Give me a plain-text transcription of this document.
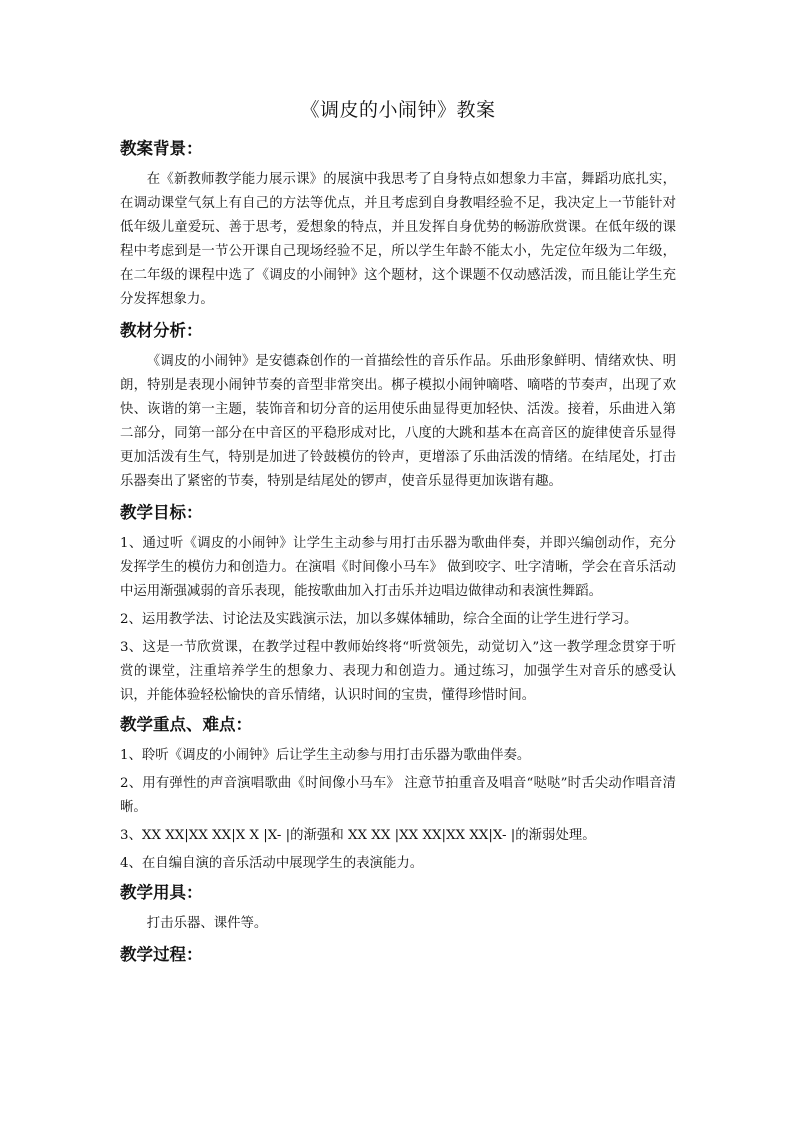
《调皮的小闹钟》教案
教案背景：

在《新教师教学能力展示课》的展演中我思考了自身特点如想象力丰富，舞蹈功底扎实，在调动课堂气氛上有自己的方法等优点，并且考虑到自身教唱经验不足，我决定上一节能针对低年级儿童爱玩、善于思考，爱想象的特点，并且发挥自身优势的畅游欣赏课。在低年级的课程中考虑到是一节公开课自己现场经验不足，所以学生年龄不能太小，先定位年级为二年级，在二年级的课程中选了《调皮的小闹钟》这个题材，这个课题不仅动感活泼，而且能让学生充分发挥想象力。

教材分析：

《调皮的小闹钟》是安德森创作的一首描绘性的音乐作品。乐曲形象鲜明、情绪欢快、明朗，特别是表现小闹钟节奏的音型非常突出。梆子模拟小闹钟嘀嗒、嘀嗒的节奏声，出现了欢快、诙谐的第一主题，装饰音和切分音的运用使乐曲显得更加轻快、活泼。接着，乐曲进入第二部分，同第一部分在中音区的平稳形成对比，八度的大跳和基本在高音区的旋律使音乐显得更加活泼有生气，特别是加进了铃鼓模仿的铃声，更增添了乐曲活泼的情绪。在结尾处，打击乐器奏出了紧密的节奏，特别是结尾处的锣声，使音乐显得更加诙谐有趣。

教学目标：

1、通过听《调皮的小闹钟》让学生主动参与用打击乐器为歌曲伴奏，并即兴编创动作，充分发挥学生的模仿力和创造力。在演唱《时间像小马车》 做到咬字、吐字清晰，学会在音乐活动中运用渐强减弱的音乐表现，能按歌曲加入打击乐并边唱边做律动和表演性舞蹈。

2、运用教学法、讨论法及实践演示法，加以多媒体辅助，综合全面的让学生进行学习。

3、这是一节欣赏课，在教学过程中教师始终将“听赏领先，动觉切入”这一教学理念贯穿于听赏的课堂，注重培养学生的想象力、表现力和创造力。通过练习，加强学生对音乐的感受认识，并能体验轻松愉快的音乐情绪，认识时间的宝贵，懂得珍惜时间。

教学重点、难点：

1、聆听《调皮的小闹钟》后让学生主动参与用打击乐器为歌曲伴奏。

2、用有弹性的声音演唱歌曲《时间像小马车》 注意节拍重音及唱音“哒哒”时舌尖动作唱音清晰。

3、XX XX|XX XX|X X |X- |的渐强和 XX XX |XX XX|XX XX|X- |的渐弱处理。

4、在自编自演的音乐活动中展现学生的表演能力。

教学用具：

打击乐器、课件等。

教学过程：
